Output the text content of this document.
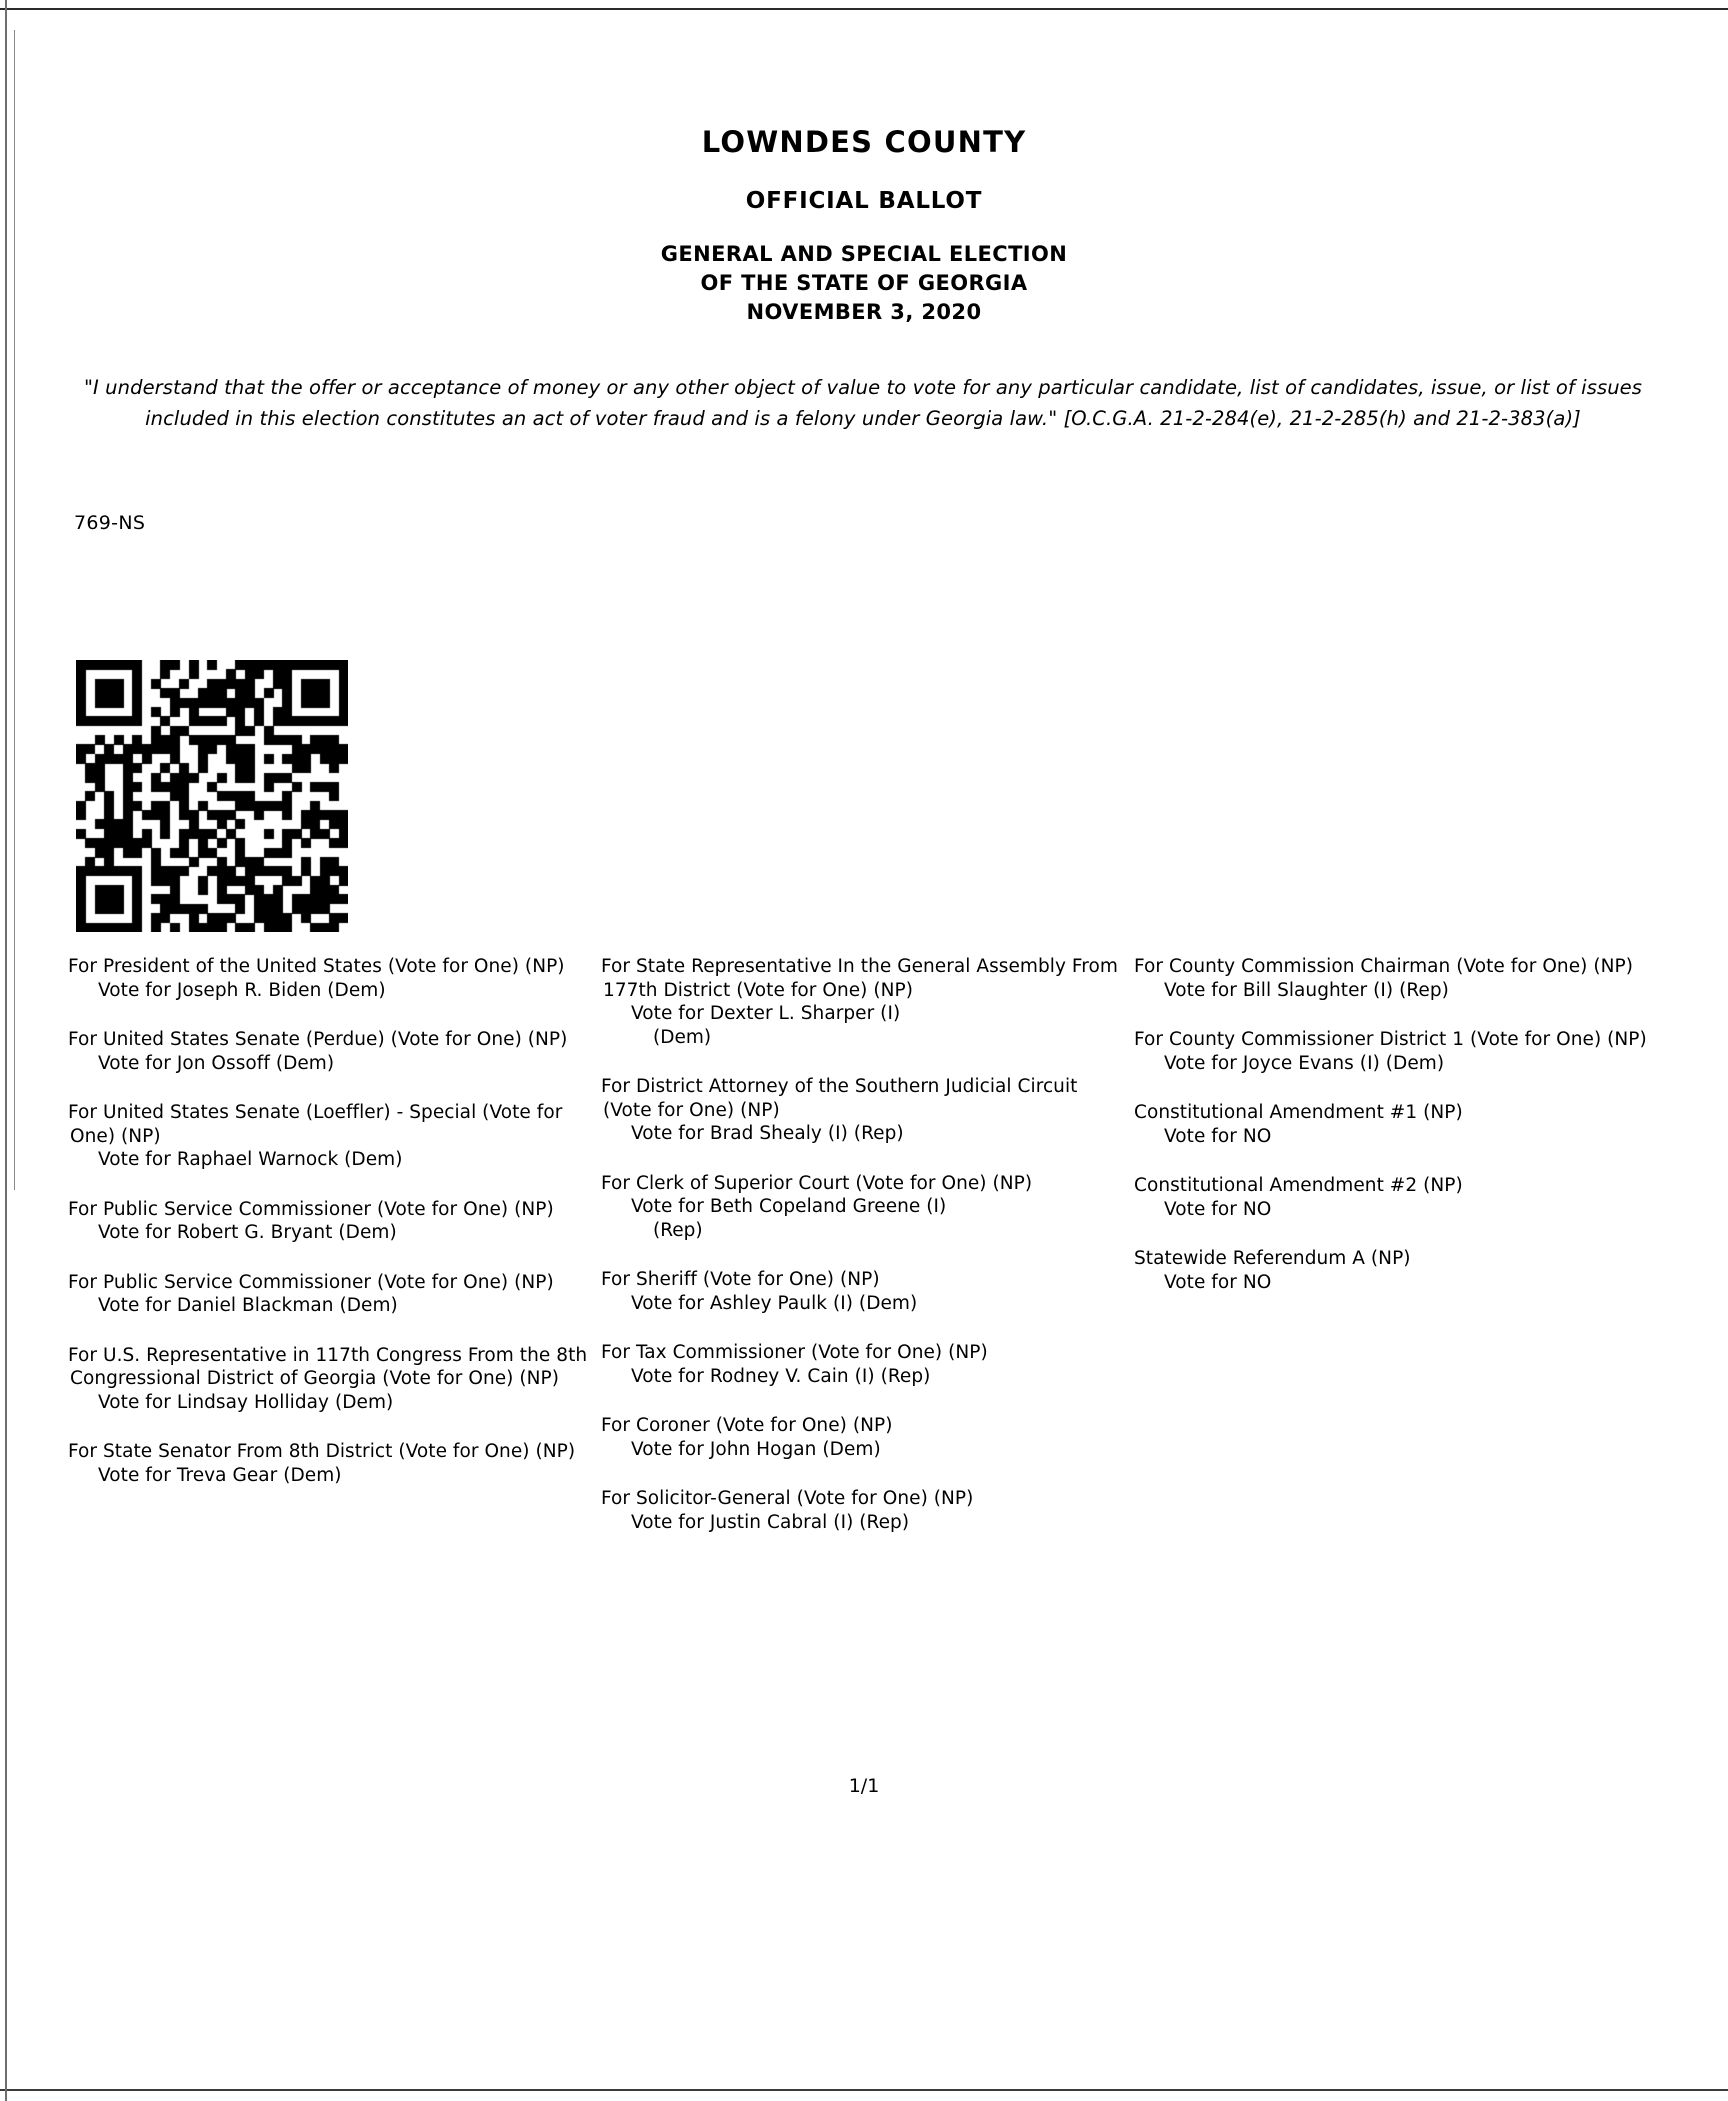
LOWNDES COUNTY
OFFICIAL BALLOT
GENERAL AND SPECIAL ELECTION
OF THE STATE OF GEORGIA
NOVEMBER 3, 2020
"I understand that the offer or acceptance of money or any other object of value to vote for any particular candidate, list of candidates, issue, or list of issues included in this election constitutes an act of voter fraud and is a felony under Georgia law." [O.C.G.A. 21-2-284(e), 21-2-285(h) and 21-2-383(a)]
769-NS
For President of the United States (Vote for One) (NP)
Vote for Joseph R. Biden (Dem)
For United States Senate (Perdue) (Vote for One) (NP)
Vote for Jon Ossoff (Dem)
For United States Senate (Loeffler) - Special (Vote for One) (NP)
Vote for Raphael Warnock (Dem)
For Public Service Commissioner (Vote for One) (NP)
Vote for Robert G. Bryant (Dem)
For Public Service Commissioner (Vote for One) (NP)
Vote for Daniel Blackman (Dem)
For U.S. Representative in 117th Congress From the 8th Congressional District of Georgia (Vote for One) (NP)
Vote for Lindsay Holliday (Dem)
For State Senator From 8th District (Vote for One) (NP)
Vote for Treva Gear (Dem)
For State Representative In the General Assembly From 177th District (Vote for One) (NP)
Vote for Dexter L. Sharper (I)
(Dem)
For District Attorney of the Southern Judicial Circuit (Vote for One) (NP)
Vote for Brad Shealy (I) (Rep)
For Clerk of Superior Court (Vote for One) (NP)
Vote for Beth Copeland Greene (I)
(Rep)
For Sheriff (Vote for One) (NP)
Vote for Ashley Paulk (I) (Dem)
For Tax Commissioner (Vote for One) (NP)
Vote for Rodney V. Cain (I) (Rep)
For Coroner (Vote for One) (NP)
Vote for John Hogan (Dem)
For Solicitor-General (Vote for One) (NP)
Vote for Justin Cabral (I) (Rep)
For County Commission Chairman (Vote for One) (NP)
Vote for Bill Slaughter (I) (Rep)
For County Commissioner District 1 (Vote for One) (NP)
Vote for Joyce Evans (I) (Dem)
Constitutional Amendment #1 (NP)
Vote for NO
Constitutional Amendment #2 (NP)
Vote for NO
Statewide Referendum A (NP)
Vote for NO
1/1
